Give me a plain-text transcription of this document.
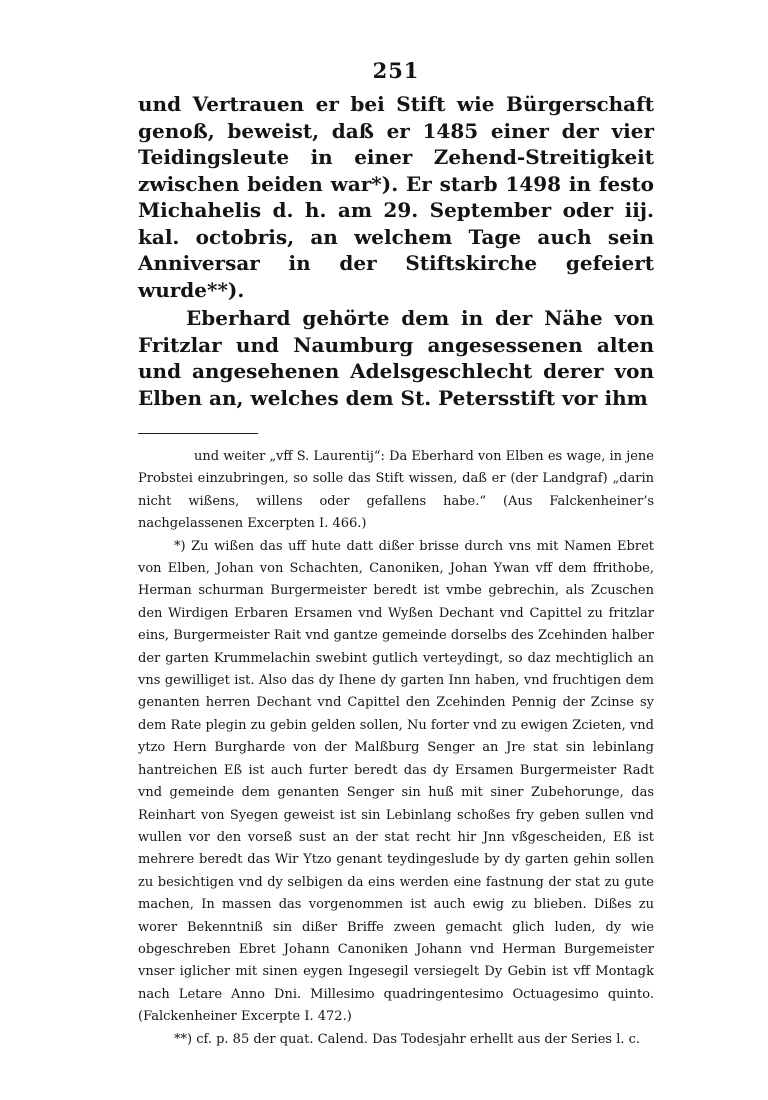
251

und Vertrauen er bei Stift wie Bürgerschaft genoß, beweist, daß er 1485 einer der vier Teidingsleute in einer Zehend-Streitigkeit zwischen beiden war*). Er starb 1498 in festo Michahelis d. h. am 29. September oder iij. kal. octobris, an welchem Tage auch sein Anniversar in der Stiftskirche gefeiert wurde**).

Eberhard gehörte dem in der Nähe von Fritzlar und Naumburg angesessenen alten und angesehenen Adelsgeschlecht derer von Elben an, welches dem St. Petersstift vor ihm

und weiter „vff S. Laurentij“: Da Eberhard von Elben es wage, in jene Probstei einzubringen, so solle das Stift wissen, daß er (der Landgraf) „darin nicht wißens, willens oder gefallens habe.“ (Aus Falckenheiner’s nachgelassenen Excerpten I. 466.)

*) Zu wißen das uff hute datt dißer brisse durch vns mit Namen Ebret von Elben, Johan von Schachten, Canoniken, Johan Ywan vff dem ffrithobe, Herman schurman Burgermeister beredt ist vmbe gebrechin, als Zcuschen den Wirdigen Erbaren Ersamen vnd Wyßen Dechant vnd Capittel zu fritzlar eins, Burgermeister Rait vnd gantze gemeinde dorselbs des Zcehinden halber der garten Krummelachin swebint gutlich verteydingt, so daz mechtiglich an vns gewilliget ist. Also das dy Ihene dy garten Inn haben, vnd fruchtigen dem genanten herren Dechant vnd Capittel den Zcehinden Pennig der Zcinse sy dem Rate plegin zu gebin gelden sollen, Nu forter vnd zu ewigen Zcieten, vnd ytzo Hern Burgharde von der Malßburg Senger an Jre stat sin lebinlang hantreichen Eß ist auch furter beredt das dy Ersamen Burgermeister Radt vnd gemeinde dem genanten Senger sin huß mit siner Zubehorunge, das Reinhart von Syegen geweist ist sin Lebinlang schoßes fry geben sullen vnd wullen vor den vorseß sust an der stat recht hir Jnn vßgescheiden, Eß ist mehrere beredt das Wir Ytzo genant teydingeslude by dy garten gehin sollen zu besichtigen vnd dy selbigen da eins werden eine fastnung der stat zu gute machen, In massen das vorgenommen ist auch ewig zu blieben. Dißes zu worer Bekenntniß sin dißer Briffe zween gemacht glich luden, dy wie obgeschreben Ebret Johann Canoniken Johann vnd Herman Burgemeister vnser iglicher mit sinen eygen Ingesegil versiegelt Dy Gebin ist vff Montagk nach Letare Anno Dni. Millesimo quadringentesimo Octuagesimo quinto. (Falckenheiner Excerpte I. 472.)

**) cf. p. 85 der quat. Calend. Das Todesjahr erhellt aus der Series l. c.
